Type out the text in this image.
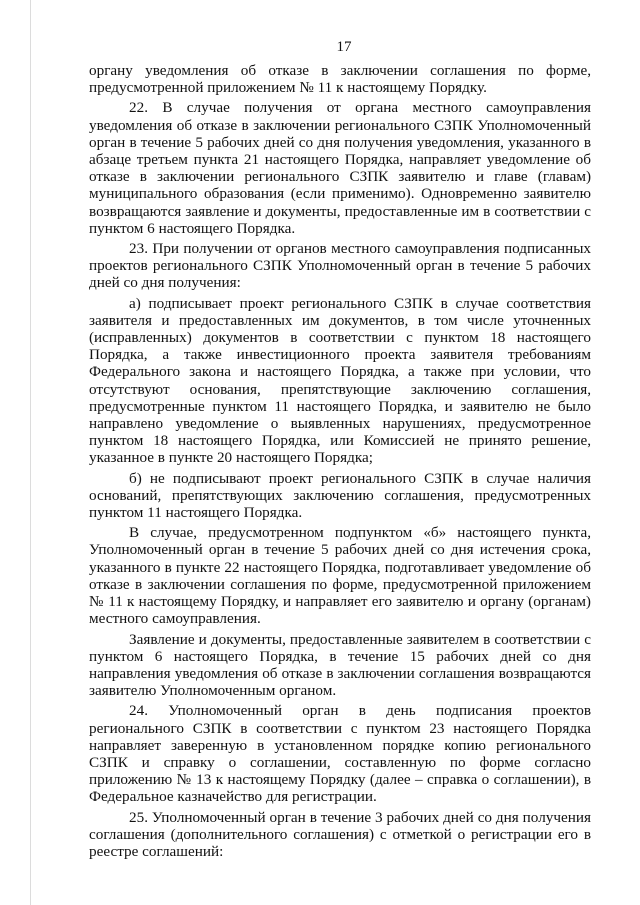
17

органу уведомления об отказе в заключении соглашения по форме, предусмотренной приложением № 11 к настоящему Порядку.

22. В случае получения от органа местного самоуправления уведомления об отказе в заключении регионального СЗПК Уполномоченный орган в течение 5 рабочих дней со дня получения уведомления, указанного в абзаце третьем пункта 21 настоящего Порядка, направляет уведомление об отказе в заключении регионального СЗПК заявителю и главе (главам) муниципального образования (если применимо). Одновременно заявителю возвращаются заявление и документы, предоставленные им в соответствии с пунктом 6 настоящего Порядка.

23. При получении от органов местного самоуправления подписанных проектов регионального СЗПК Уполномоченный орган в течение 5 рабочих дней со дня получения:

а) подписывает проект регионального СЗПК в случае соответствия заявителя и предоставленных им документов, в том числе уточненных (исправленных) документов в соответствии с пунктом 18 настоящего Порядка, а также инвестиционного проекта заявителя требованиям Федерального закона и настоящего Порядка, а также при условии, что отсутствуют основания, препятствующие заключению соглашения, предусмотренные пунктом 11 настоящего Порядка, и заявителю не было направлено уведомление о выявленных нарушениях, предусмотренное пунктом 18 настоящего Порядка, или Комиссией не принято решение, указанное в пункте 20 настоящего Порядка;

б) не подписывают проект регионального СЗПК в случае наличия оснований, препятствующих заключению соглашения, предусмотренных пунктом 11 настоящего Порядка.

В случае, предусмотренном подпунктом «б» настоящего пункта, Уполномоченный орган в течение 5 рабочих дней со дня истечения срока, указанного в пункте 22 настоящего Порядка, подготавливает уведомление об отказе в заключении соглашения по форме, предусмотренной приложением № 11 к настоящему Порядку, и направляет его заявителю и органу (органам) местного самоуправления.

Заявление и документы, предоставленные заявителем в соответствии с пунктом 6 настоящего Порядка, в течение 15 рабочих дней со дня направления уведомления об отказе в заключении соглашения возвращаются заявителю Уполномоченным органом.

24. Уполномоченный орган в день подписания проектов регионального СЗПК в соответствии с пунктом 23 настоящего Порядка направляет заверенную в установленном порядке копию регионального СЗПК и справку о соглашении, составленную по форме согласно приложению № 13 к настоящему Порядку (далее – справка о соглашении), в Федеральное казначейство для регистрации.

25. Уполномоченный орган в течение 3 рабочих дней со дня получения соглашения (дополнительного соглашения) с отметкой о регистрации его в реестре соглашений:
